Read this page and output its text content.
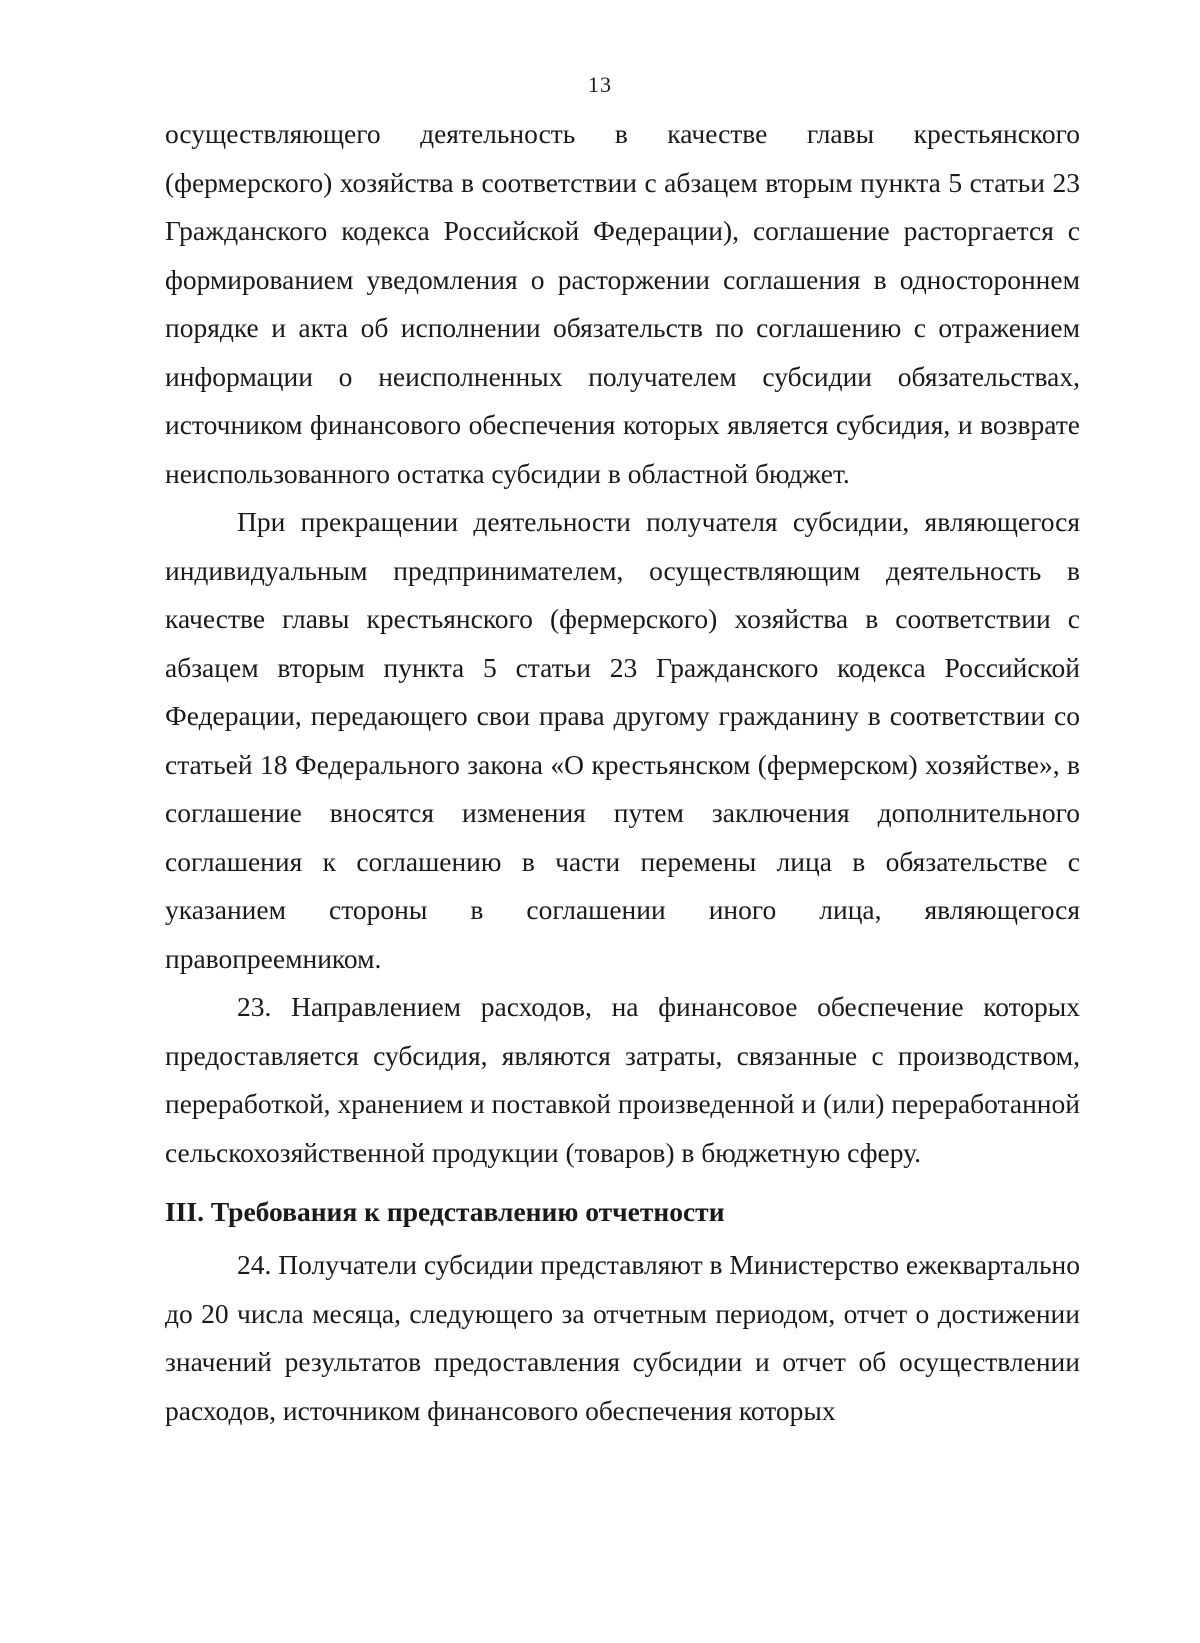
13

осуществляющего деятельность в качестве главы крестьянского (фермерского) хозяйства в соответствии с абзацем вторым пункта 5 статьи 23 Гражданского кодекса Российской Федерации), соглашение расторгается с формированием уведомления о расторжении соглашения в одностороннем порядке и акта об исполнении обязательств по соглашению с отражением информации о неисполненных получателем субсидии обязательствах, источником финансового обеспечения которых является субсидия, и возврате неиспользованного остатка субсидии в областной бюджет.

При прекращении деятельности получателя субсидии, являющегося индивидуальным предпринимателем, осуществляющим деятельность в качестве главы крестьянского (фермерского) хозяйства в соответствии с абзацем вторым пункта 5 статьи 23 Гражданского кодекса Российской Федерации, передающего свои права другому гражданину в соответствии со статьей 18 Федерального закона «О крестьянском (фермерском) хозяйстве», в соглашение вносятся изменения путем заключения дополнительного соглашения к соглашению в части перемены лица в обязательстве с указанием стороны в соглашении иного лица, являющегося правопреемником.

23. Направлением расходов, на финансовое обеспечение которых предоставляется субсидия, являются затраты, связанные с производством, переработкой, хранением и поставкой произведенной и (или) переработанной сельскохозяйственной продукции (товаров) в бюджетную сферу.

III. Требования к представлению отчетности

24. Получатели субсидии представляют в Министерство ежеквартально до 20 числа месяца, следующего за отчетным периодом, отчет о достижении значений результатов предоставления субсидии и отчет об осуществлении расходов, источником финансового обеспечения которых
